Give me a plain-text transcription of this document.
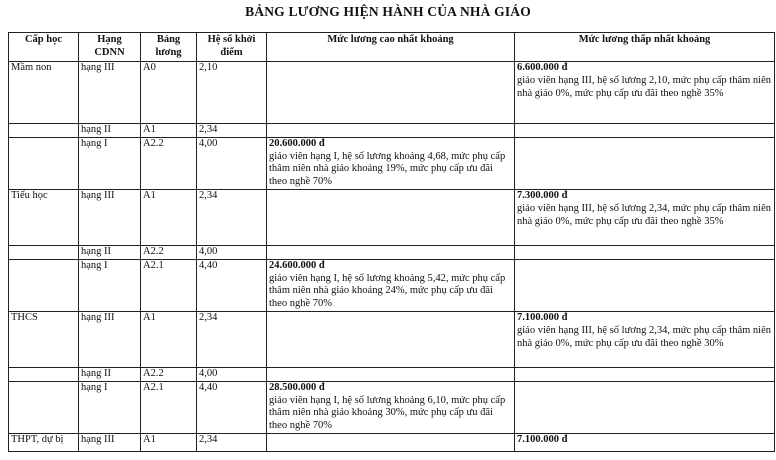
BẢNG LƯƠNG HIỆN HÀNH CỦA NHÀ GIÁO
Cấp học	Hạng CDNN	Bảng lương	Hệ số khởi điểm	Mức lương cao nhất khoảng	Mức lương thấp nhất khoảng
Mầm non	hạng III	A0	2,10		6.600.000 đ
giáo viên hạng III, hệ số lương 2,10, mức phụ cấp thâm niên nhà giáo 0%, mức phụ cấp ưu đãi theo nghề 35%

	hạng II	A1	2,34	

	hạng I	A2.2	4,00	20.600.000 đ
giáo viên hạng I, hệ số lương khoảng 4,68, mức phụ cấp thâm niên nhà giáo khoảng 19%, mức phụ cấp ưu đãi theo nghề 70%	

Tiểu học	hạng III	A1	2,34		7.300.000 đ
giáo viên hạng III, hệ số lương 2,34, mức phụ cấp thâm niên nhà giáo 0%, mức phụ cấp ưu đãi theo nghề 35%

	hạng II	A2.2	4,00	

	hạng I	A2.1	4,40	24.600.000 đ
giáo viên hạng I, hệ số lương khoảng 5,42, mức phụ cấp thâm niên nhà giáo khoảng 24%, mức phụ cấp ưu đãi theo nghề 70%	

THCS	hạng III	A1	2,34		7.100.000 đ
giáo viên hạng III, hệ số lương 2,34, mức phụ cấp thâm niên nhà giáo 0%, mức phụ cấp ưu đãi theo nghề 30%

	hạng II	A2.2	4,00	

	hạng I	A2.1	4,40	28.500.000 đ
giáo viên hạng I, hệ số lương khoảng 6,10, mức phụ cấp thâm niên nhà giáo khoảng 30%, mức phụ cấp ưu đãi theo nghề 70%	

THPT, dự bị	hạng III	A1	2,34		7.100.000 đ
